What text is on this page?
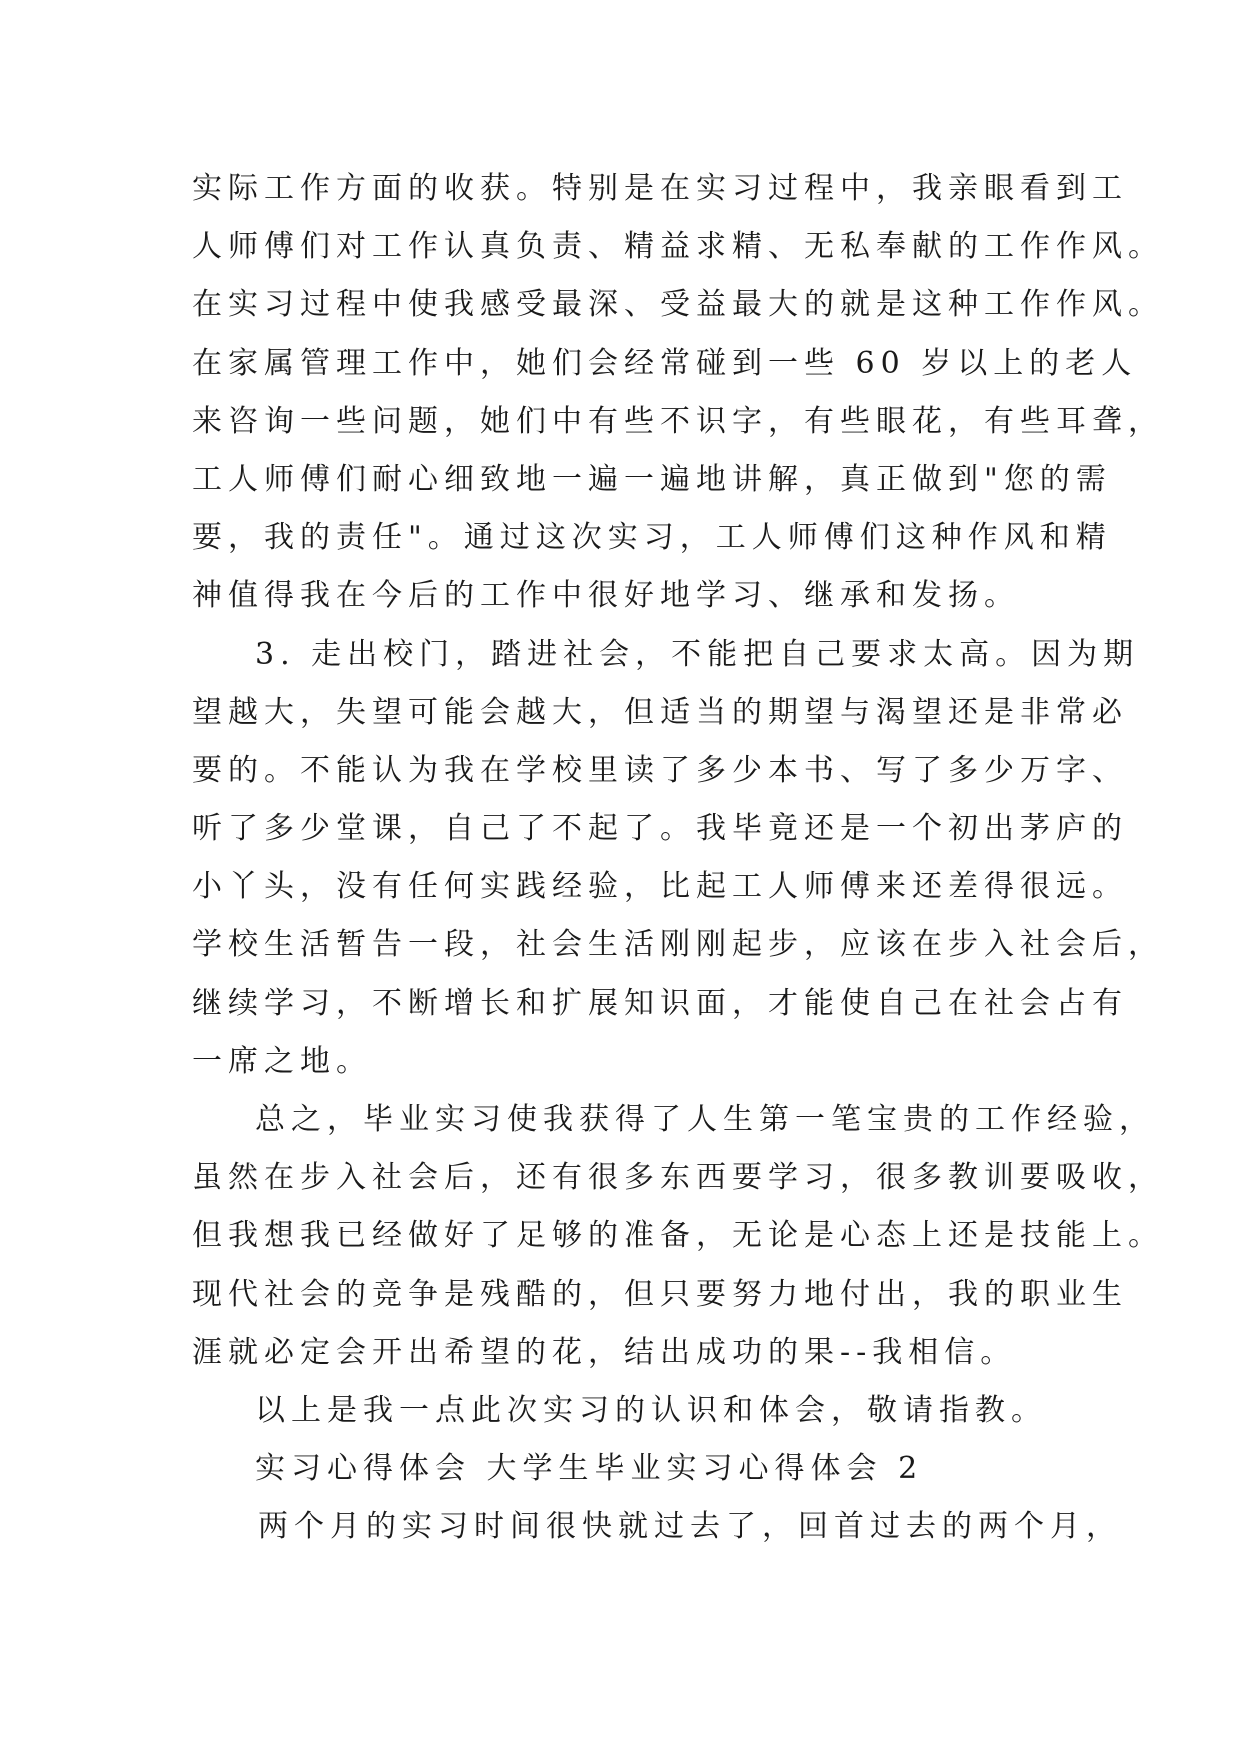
实际工作方面的收获。特别是在实习过程中，我亲眼看到工
人师傅们对工作认真负责、精益求精、无私奉献的工作作风。
在实习过程中使我感受最深、受益最大的就是这种工作作风。
在家属管理工作中，她们会经常碰到一些 60 岁以上的老人
来咨询一些问题，她们中有些不识字，有些眼花，有些耳聋，
工人师傅们耐心细致地一遍一遍地讲解，真正做到"您的需
要，我的责任"。通过这次实习，工人师傅们这种作风和精
神值得我在今后的工作中很好地学习、继承和发扬。
3. 走出校门，踏进社会，不能把自己要求太高。因为期
望越大，失望可能会越大，但适当的期望与渴望还是非常必
要的。不能认为我在学校里读了多少本书、写了多少万字、
听了多少堂课，自己了不起了。我毕竟还是一个初出茅庐的
小丫头，没有任何实践经验，比起工人师傅来还差得很远。
学校生活暂告一段，社会生活刚刚起步，应该在步入社会后，
继续学习，不断增长和扩展知识面，才能使自己在社会占有
一席之地。
总之，毕业实习使我获得了人生第一笔宝贵的工作经验，
虽然在步入社会后，还有很多东西要学习，很多教训要吸收，
但我想我已经做好了足够的准备，无论是心态上还是技能上。
现代社会的竞争是残酷的，但只要努力地付出，我的职业生
涯就必定会开出希望的花，结出成功的果--我相信。
以上是我一点此次实习的认识和体会，敬请指教。
实习心得体会 大学生毕业实习心得体会 2
两个月的实习时间很快就过去了，回首过去的两个月，
